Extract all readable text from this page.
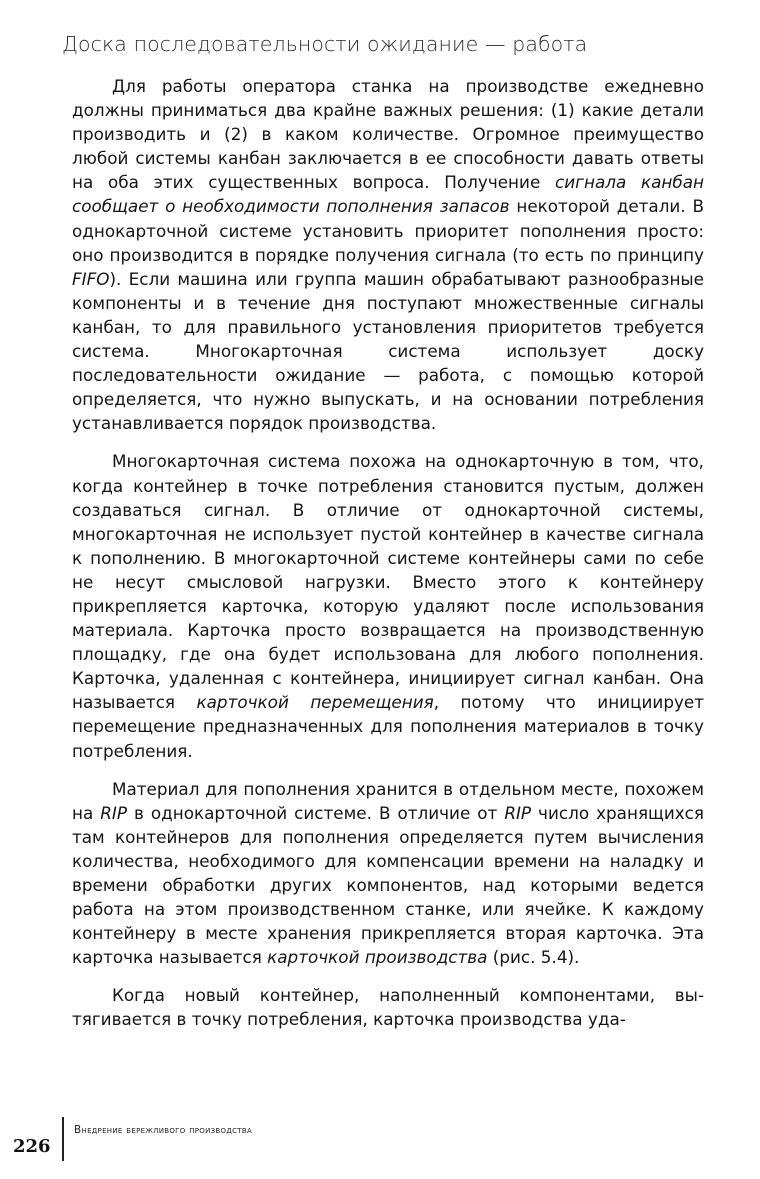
Доска последовательности ожидание — работа

Для работы оператора станка на производстве ежедневно должны приниматься два крайне важных решения: (1) какие детали производить и (2) в каком количестве. Огромное преимущество любой системы канбан заключается в ее способности давать ответы на оба этих существенных вопроса. Получение сигнала канбан сообщает о необходимости пополнения запасов некоторой детали. В однокарточной системе установить приоритет пополнения просто: оно производится в порядке получения сигнала (то есть по принципу FIFO). Если машина или группа машин обрабатывают разнообразные компоненты и в течение дня поступают множественные сигналы канбан, то для правильного установления приоритетов требуется система. Многокарточная система использует доску последовательности ожидание — работа, с помощью которой определяется, что нужно выпускать, и на основании потребления устанавливается порядок производства.

Многокарточная система похожа на однокарточную в том, что, когда контейнер в точке потребления становится пустым, должен создаваться сигнал. В отличие от однокарточной системы, многокарточная не использует пустой контейнер в качестве сигнала к пополнению. В многокарточной системе контейнеры сами по себе не несут смысловой нагрузки. Вместо этого к контейнеру прикрепляется карточка, которую удаляют после использования материала. Карточка просто возвращается на производственную площадку, где она будет использована для любого пополнения. Карточка, удаленная с контейнера, инициирует сигнал канбан. Она называется карточкой перемещения, потому что инициирует перемещение предназначенных для пополнения материалов в точку потребления.

Материал для пополнения хранится в отдельном месте, похожем на RIP в однокарточной системе. В отличие от RIP число хранящихся там контейнеров для пополнения определяется путем вычисления количества, необходимого для компенсации времени на наладку и времени обработки других компонентов, над которыми ведется работа на этом производственном станке, или ячейке. К каждому контейнеру в месте хранения прикрепляется вторая карточка. Эта карточка называется карточкой производства (рис. 5.4).

Когда новый контейнер, наполненный компонентами, вытягивается в точку потребления, карточка производства уда-

226
Внедрение бережливого производства
